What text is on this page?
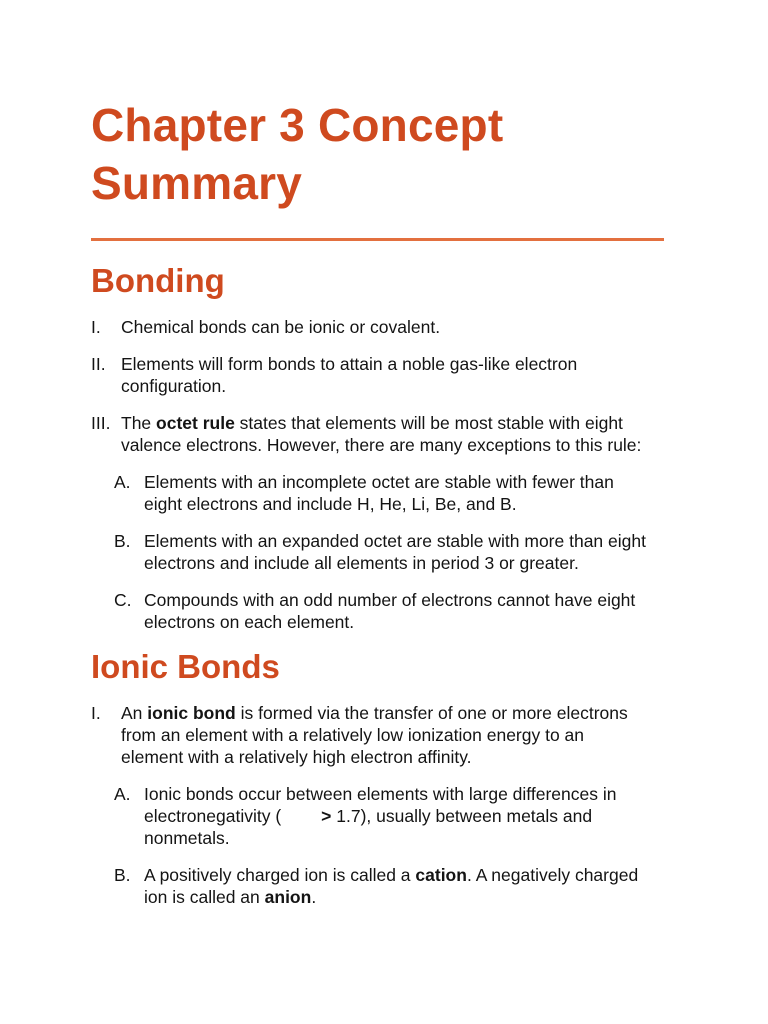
Chapter 3 Concept
Summary
Bonding
I. Chemical bonds can be ionic or covalent.
II. Elements will form bonds to attain a noble gas-like electron
configuration.
III. The octet rule states that elements will be most stable with eight
valence electrons. However, there are many exceptions to this rule:
A. Elements with an incomplete octet are stable with fewer than
eight electrons and include H, He, Li, Be, and B.
B. Elements with an expanded octet are stable with more than eight
electrons and include all elements in period 3 or greater.
C. Compounds with an odd number of electrons cannot have eight
electrons on each element.
Ionic Bonds
I. An ionic bond is formed via the transfer of one or more electrons
from an element with a relatively low ionization energy to an
element with a relatively high electron affinity.
A. Ionic bonds occur between elements with large differences in
electronegativity ( > 1.7), usually between metals and
nonmetals.
B. A positively charged ion is called a cation. A negatively charged
ion is called an anion.
